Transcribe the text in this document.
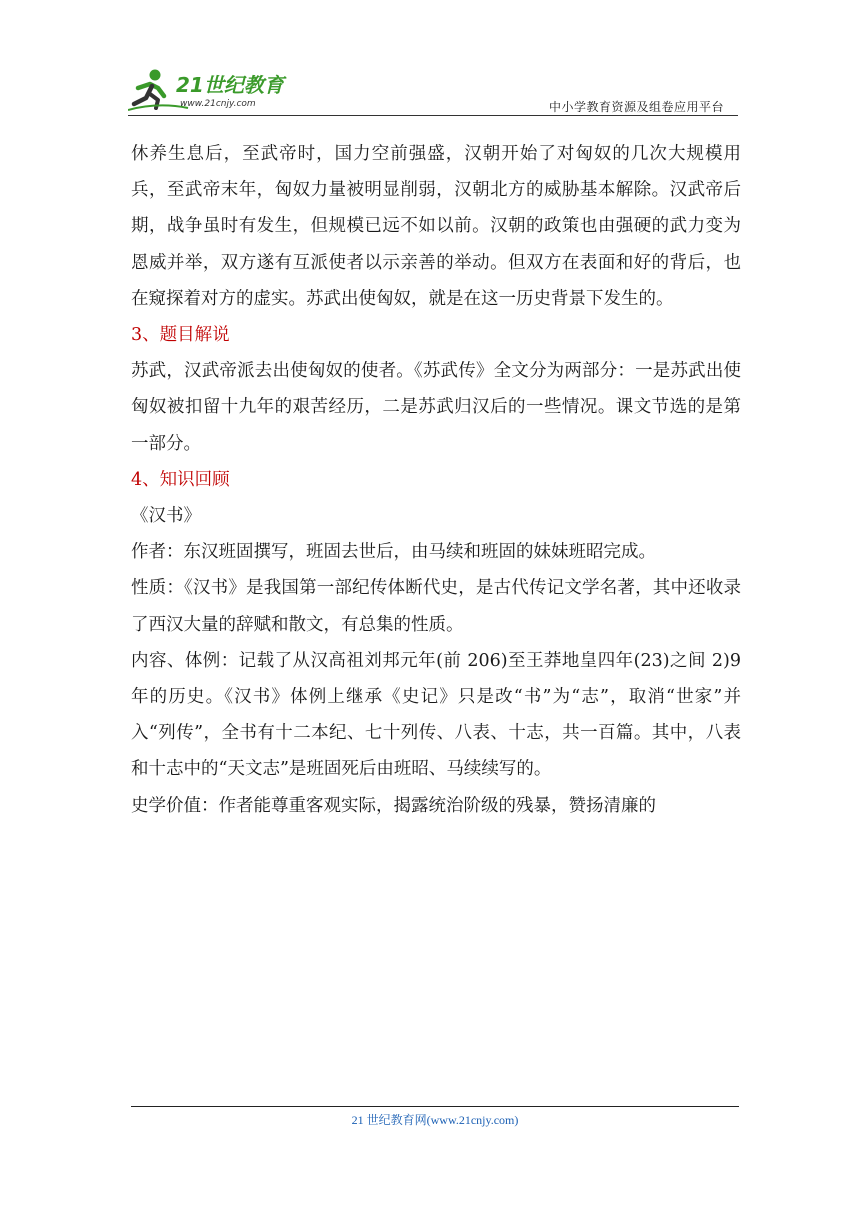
21世纪教育
www.21cnjy.com	中小学教育资源及组卷应用平台

休养生息后，至武帝时，国力空前强盛，汉朝开始了对匈奴的几次大规模用兵，至武帝末年，匈奴力量被明显削弱，汉朝北方的威胁基本解除。汉武帝后期，战争虽时有发生，但规模已远不如以前。汉朝的政策也由强硬的武力变为恩威并举，双方遂有互派使者以示亲善的举动。但双方在表面和好的背后，也在窥探着对方的虚实。苏武出使匈奴，就是在这一历史背景下发生的。

3、题目解说

苏武，汉武帝派去出使匈奴的使者。《苏武传》全文分为两部分：一是苏武出使匈奴被扣留十九年的艰苦经历，二是苏武归汉后的一些情况。课文节选的是第一部分。

4、知识回顾

《汉书》

作者：东汉班固撰写，班固去世后，由马续和班固的妹妹班昭完成。

性质：《汉书》是我国第一部纪传体断代史，是古代传记文学名著，其中还收录了西汉大量的辞赋和散文，有总集的性质。

内容、体例：记载了从汉高祖刘邦元年(前 206)至王莽地皇四年(23)之间 2)9 年的历史。《汉书》体例上继承《史记》只是改“书”为“志”，取消“世家”并入“列传”，全书有十二本纪、七十列传、八表、十志，共一百篇。其中，八表和十志中的“天文志”是班固死后由班昭、马续续写的。

史学价值：作者能尊重客观实际，揭露统治阶级的残暴，赞扬清廉的

21 世纪教育网(www.21cnjy.com)
